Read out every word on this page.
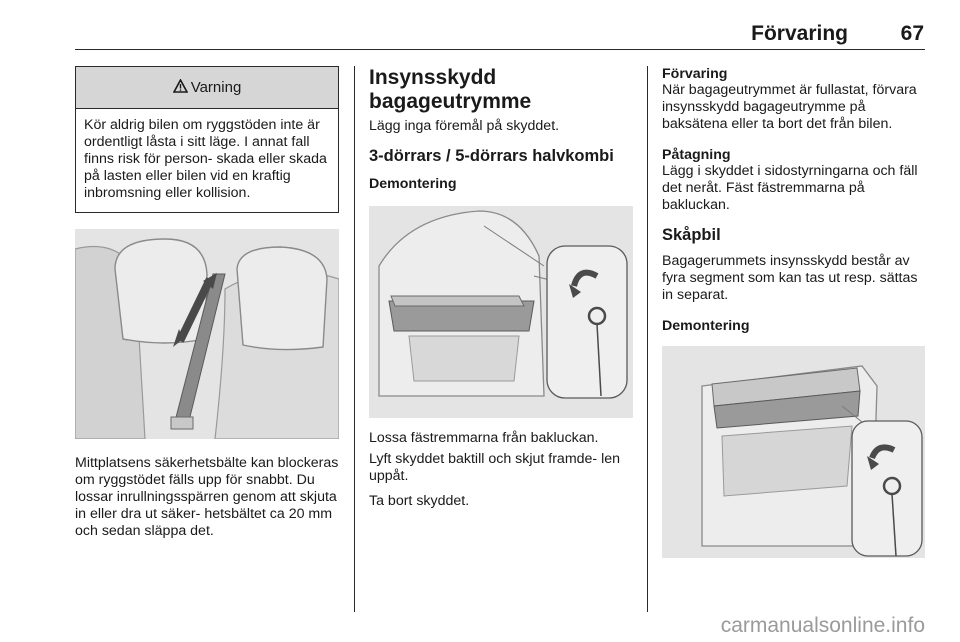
Förvaring	67
Varning
Kör aldrig bilen om ryggstöden inte är ordentligt låsta i sitt läge. I annat fall finns risk för person- skada eller skada på lasten eller bilen vid en kraftig inbromsning eller kollision.

Mittplatsens säkerhetsbälte kan blockeras om ryggstödet fälls upp för snabbt. Du lossar inrullningsspärren genom att skjuta in eller dra ut säker- hetsbältet ca 20 mm och sedan släppa det.

Insynsskydd bagageutrymme

Lägg inga föremål på skyddet.

3-dörrars / 5-dörrars halvkombi
Demontering

Lossa fästremmarna från bakluckan.

Lyft skyddet baktill och skjut framde- len uppåt.

Ta bort skyddet.

Förvaring

När bagageutrymmet är fullastat, förvara insynsskydd bagageutrymme på baksätena eller ta bort det från bilen.

Påtagning

Lägg i skyddet i sidostyrningarna och fäll det neråt. Fäst fästremmarna på bakluckan.

Skåpbil

Bagagerummets insynsskydd består av fyra segment som kan tas ut resp. sättas in separat.

Demontering
carmanualsonline.info
